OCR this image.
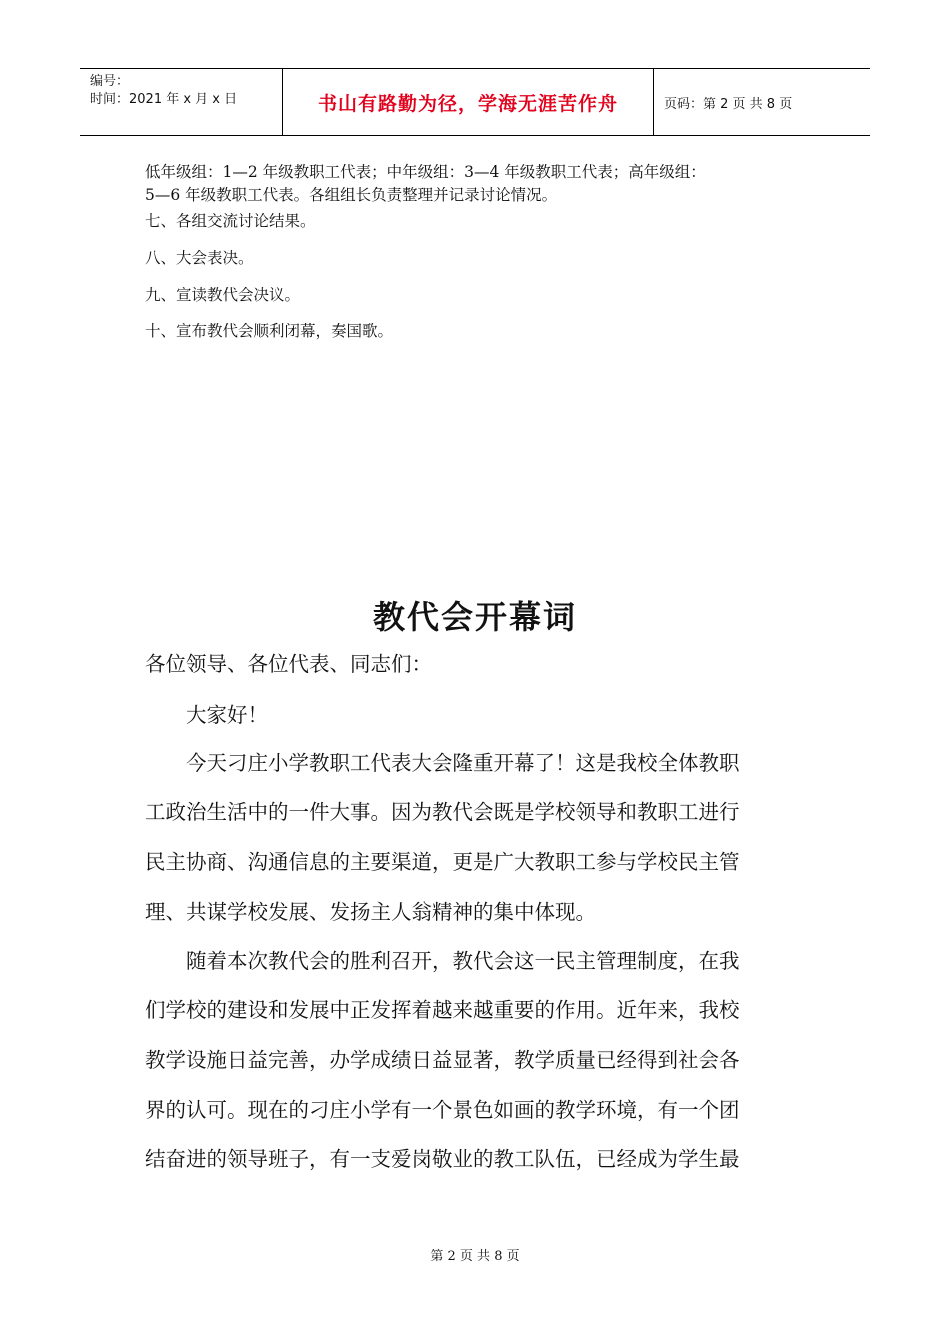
编号：
时间：2021 年 x 月 x 日	书山有路勤为径，学海无涯苦作舟	页码：第 2 页 共 8 页
低年级组：1—2 年级教职工代表；中年级组：3—4 年级教职工代表；高年级组：
5—6 年级教职工代表。各组组长负责整理并记录讨论情况。
七、各组交流讨论结果。
八、大会表决。
九、宣读教代会决议。
十、宣布教代会顺利闭幕，奏国歌。
教代会开幕词
各位领导、各位代表、同志们：
　　大家好！
　　今天刁庄小学教职工代表大会隆重开幕了！这是我校全体教职
工政治生活中的一件大事。因为教代会既是学校领导和教职工进行
民主协商、沟通信息的主要渠道，更是广大教职工参与学校民主管
理、共谋学校发展、发扬主人翁精神的集中体现。
　　随着本次教代会的胜利召开，教代会这一民主管理制度，在我
们学校的建设和发展中正发挥着越来越重要的作用。近年来，我校
教学设施日益完善，办学成绩日益显著，教学质量已经得到社会各
界的认可。现在的刁庄小学有一个景色如画的教学环境，有一个团
结奋进的领导班子，有一支爱岗敬业的教工队伍，已经成为学生最
第 2 页 共 8 页
